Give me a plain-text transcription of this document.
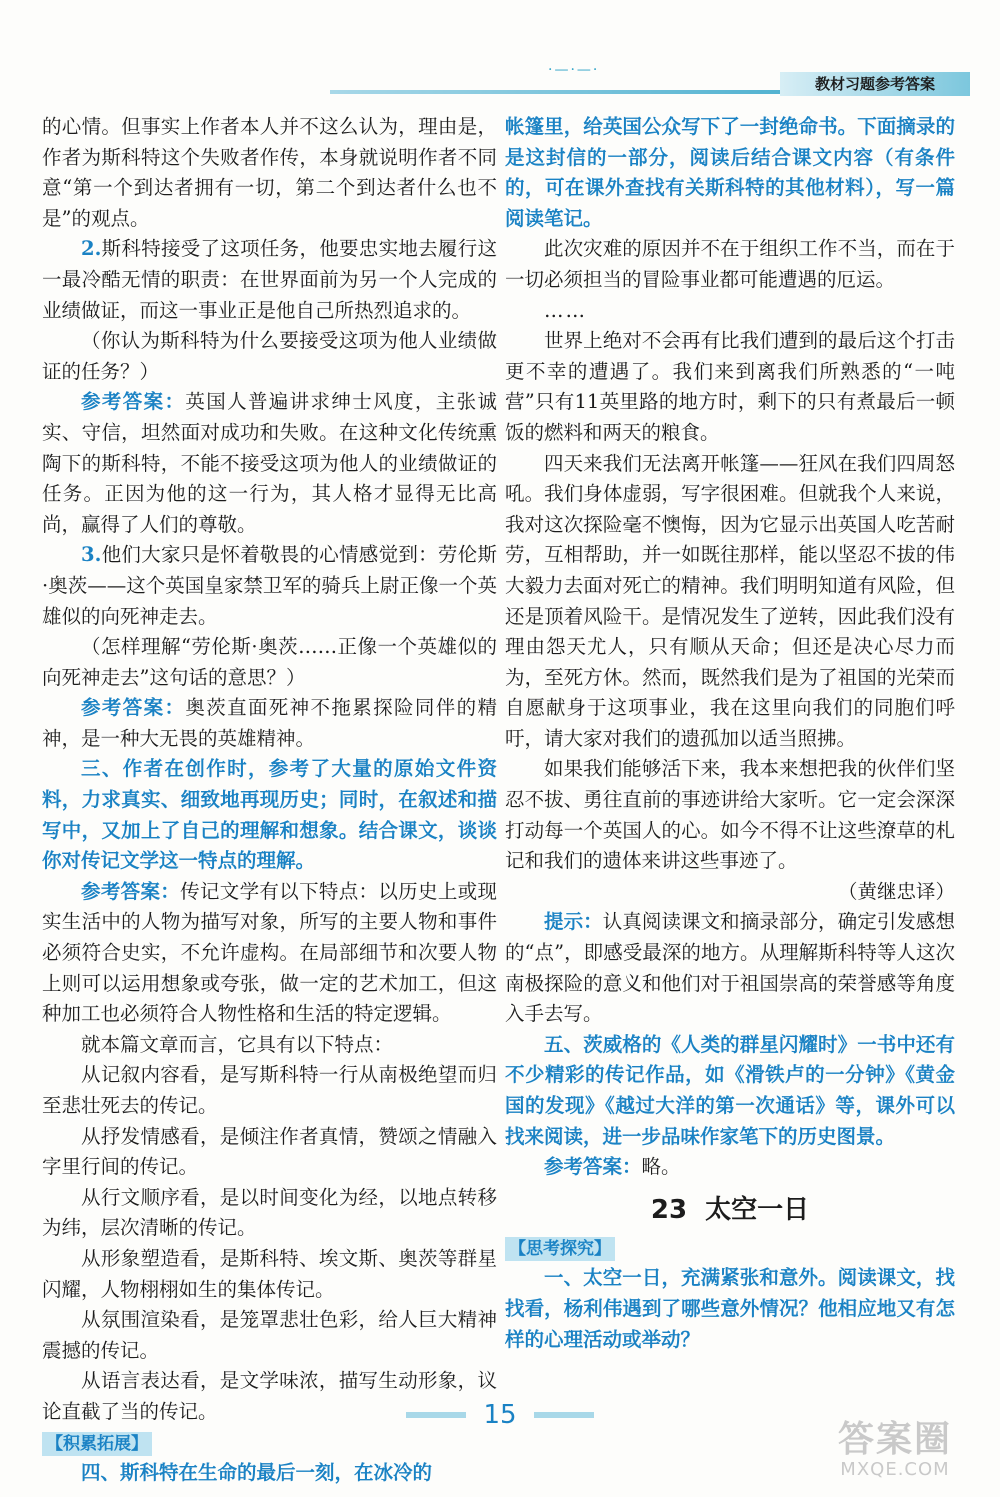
·—·—·
教材习题参考答案

的心情。但事实上作者本人并不这么认为，理由是，作者为斯科特这个失败者作传，本身就说明作者不同意“第一个到达者拥有一切，第二个到达者什么也不是”的观点。

2.斯科特接受了这项任务，他要忠实地去履行这一最冷酷无情的职责：在世界面前为另一个人完成的业绩做证，而这一事业正是他自己所热烈追求的。

（你认为斯科特为什么要接受这项为他人业绩做证的任务？）

参考答案：英国人普遍讲求绅士风度，主张诚实、守信，坦然面对成功和失败。在这种文化传统熏陶下的斯科特，不能不接受这项为他人的业绩做证的任务。正因为他的这一行为，其人格才显得无比高尚，赢得了人们的尊敬。

3.他们大家只是怀着敬畏的心情感觉到：劳伦斯·奥茨——这个英国皇家禁卫军的骑兵上尉正像一个英雄似的向死神走去。

（怎样理解“劳伦斯·奥茨……正像一个英雄似的向死神走去”这句话的意思？）

参考答案：奥茨直面死神不拖累探险同伴的精神，是一种大无畏的英雄精神。

三、作者在创作时，参考了大量的原始文件资料，力求真实、细致地再现历史；同时，在叙述和描写中，又加上了自己的理解和想象。结合课文，谈谈你对传记文学这一特点的理解。

参考答案：传记文学有以下特点：以历史上或现实生活中的人物为描写对象，所写的主要人物和事件必须符合史实，不允许虚构。在局部细节和次要人物上则可以运用想象或夸张，做一定的艺术加工，但这种加工也必须符合人物性格和生活的特定逻辑。

就本篇文章而言，它具有以下特点：

从记叙内容看，是写斯科特一行从南极绝望而归至悲壮死去的传记。

从抒发情感看，是倾注作者真情，赞颂之情融入字里行间的传记。

从行文顺序看，是以时间变化为经，以地点转移为纬，层次清晰的传记。

从形象塑造看，是斯科特、埃文斯、奥茨等群星闪耀，人物栩栩如生的集体传记。

从氛围渲染看，是笼罩悲壮色彩，给人巨大精神震撼的传记。

从语言表达看，是文学味浓，描写生动形象，议论直截了当的传记。

【积累拓展】

四、斯科特在生命的最后一刻，在冰冷的

帐篷里，给英国公众写下了一封绝命书。下面摘录的是这封信的一部分，阅读后结合课文内容（有条件的，可在课外查找有关斯科特的其他材料），写一篇阅读笔记。

此次灾难的原因并不在于组织工作不当，而在于一切必须担当的冒险事业都可能遭遇的厄运。

……

世界上绝对不会再有比我们遭到的最后这个打击更不幸的遭遇了。我们来到离我们所熟悉的“一吨营”只有11英里路的地方时，剩下的只有煮最后一顿饭的燃料和两天的粮食。

四天来我们无法离开帐篷——狂风在我们四周怒吼。我们身体虚弱，写字很困难。但就我个人来说，我对这次探险毫不懊悔，因为它显示出英国人吃苦耐劳，互相帮助，并一如既往那样，能以坚忍不拔的伟大毅力去面对死亡的精神。我们明明知道有风险，但还是顶着风险干。是情况发生了逆转，因此我们没有理由怨天尤人，只有顺从天命；但还是决心尽力而为，至死方休。然而，既然我们是为了祖国的光荣而自愿献身于这项事业，我在这里向我们的同胞们呼吁，请大家对我们的遗孤加以适当照拂。

如果我们能够活下来，我本来想把我的伙伴们坚忍不拔、勇往直前的事迹讲给大家听。它一定会深深打动每一个英国人的心。如今不得不让这些潦草的札记和我们的遗体来讲这些事迹了。

（黄继忠译）

提示：认真阅读课文和摘录部分，确定引发感想的“点”，即感受最深的地方。从理解斯科特等人这次南极探险的意义和他们对于祖国崇高的荣誉感等角度入手去写。

五、茨威格的《人类的群星闪耀时》一书中还有不少精彩的传记作品，如《滑铁卢的一分钟》《黄金国的发现》《越过大洋的第一次通话》等，课外可以找来阅读，进一步品味作家笔下的历史图景。

参考答案：略。

23 太空一日

【思考探究】

一、太空一日，充满紧张和意外。阅读课文，找找看，杨利伟遇到了哪些意外情况？他相应地又有怎样的心理活动或举动？

15
答案圈
MXQE.COM
